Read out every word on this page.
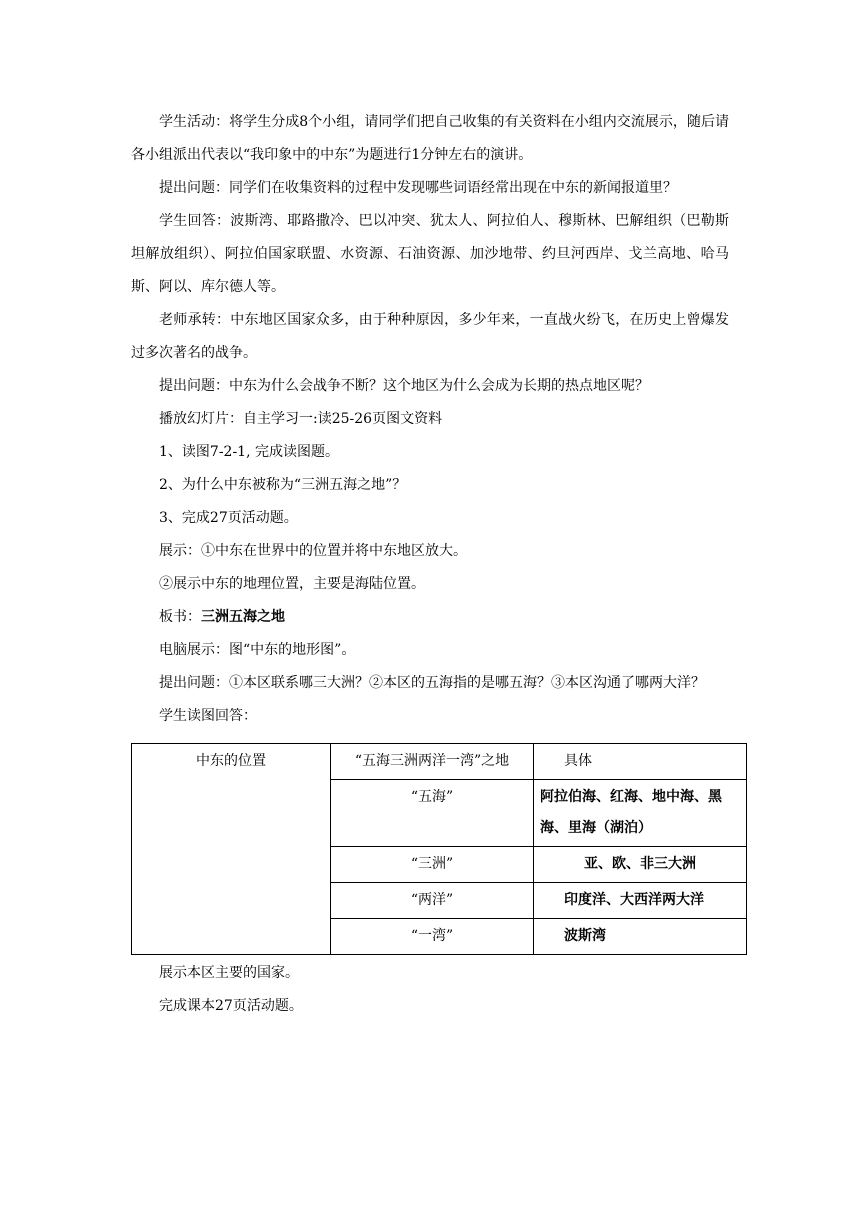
学生活动：将学生分成8个小组，请同学们把自己收集的有关资料在小组内交流展示，随后请各小组派出代表以“我印象中的中东”为题进行1分钟左右的演讲。

提出问题：同学们在收集资料的过程中发现哪些词语经常出现在中东的新闻报道里？

学生回答：波斯湾、耶路撒冷、巴以冲突、犹太人、阿拉伯人、穆斯林、巴解组织（巴勒斯坦解放组织）、阿拉伯国家联盟、水资源、石油资源、加沙地带、约旦河西岸、戈兰高地、哈马斯、阿以、库尔德人等。

老师承转：中东地区国家众多，由于种种原因，多少年来，一直战火纷飞，在历史上曾爆发过多次著名的战争。

提出问题：中东为什么会战争不断？这个地区为什么会成为长期的热点地区呢？

播放幻灯片：自主学习一:读25-26页图文资料

1、读图7-2-1, 完成读图题。

2、为什么中东被称为“三洲五海之地”？

3、完成27页活动题。

展示：①中东在世界中的位置并将中东地区放大。

②展示中东的地理位置，主要是海陆位置。

板书：三洲五海之地

电脑展示：图“中东的地形图”。

提出问题：①本区联系哪三大洲？②本区的五海指的是哪五海？③本区沟通了哪两大洋？

学生读图回答：

中东的位置	“五海三洲两洋一湾”之地	具体
	“五海”	阿拉伯海、红海、地中海、黑海、里海（湖泊）
	“三洲”	亚、欧、非三大洲
	“两洋”	印度洋、大西洋两大洋
	“一湾”	波斯湾

展示本区主要的国家。

完成课本27页活动题。
